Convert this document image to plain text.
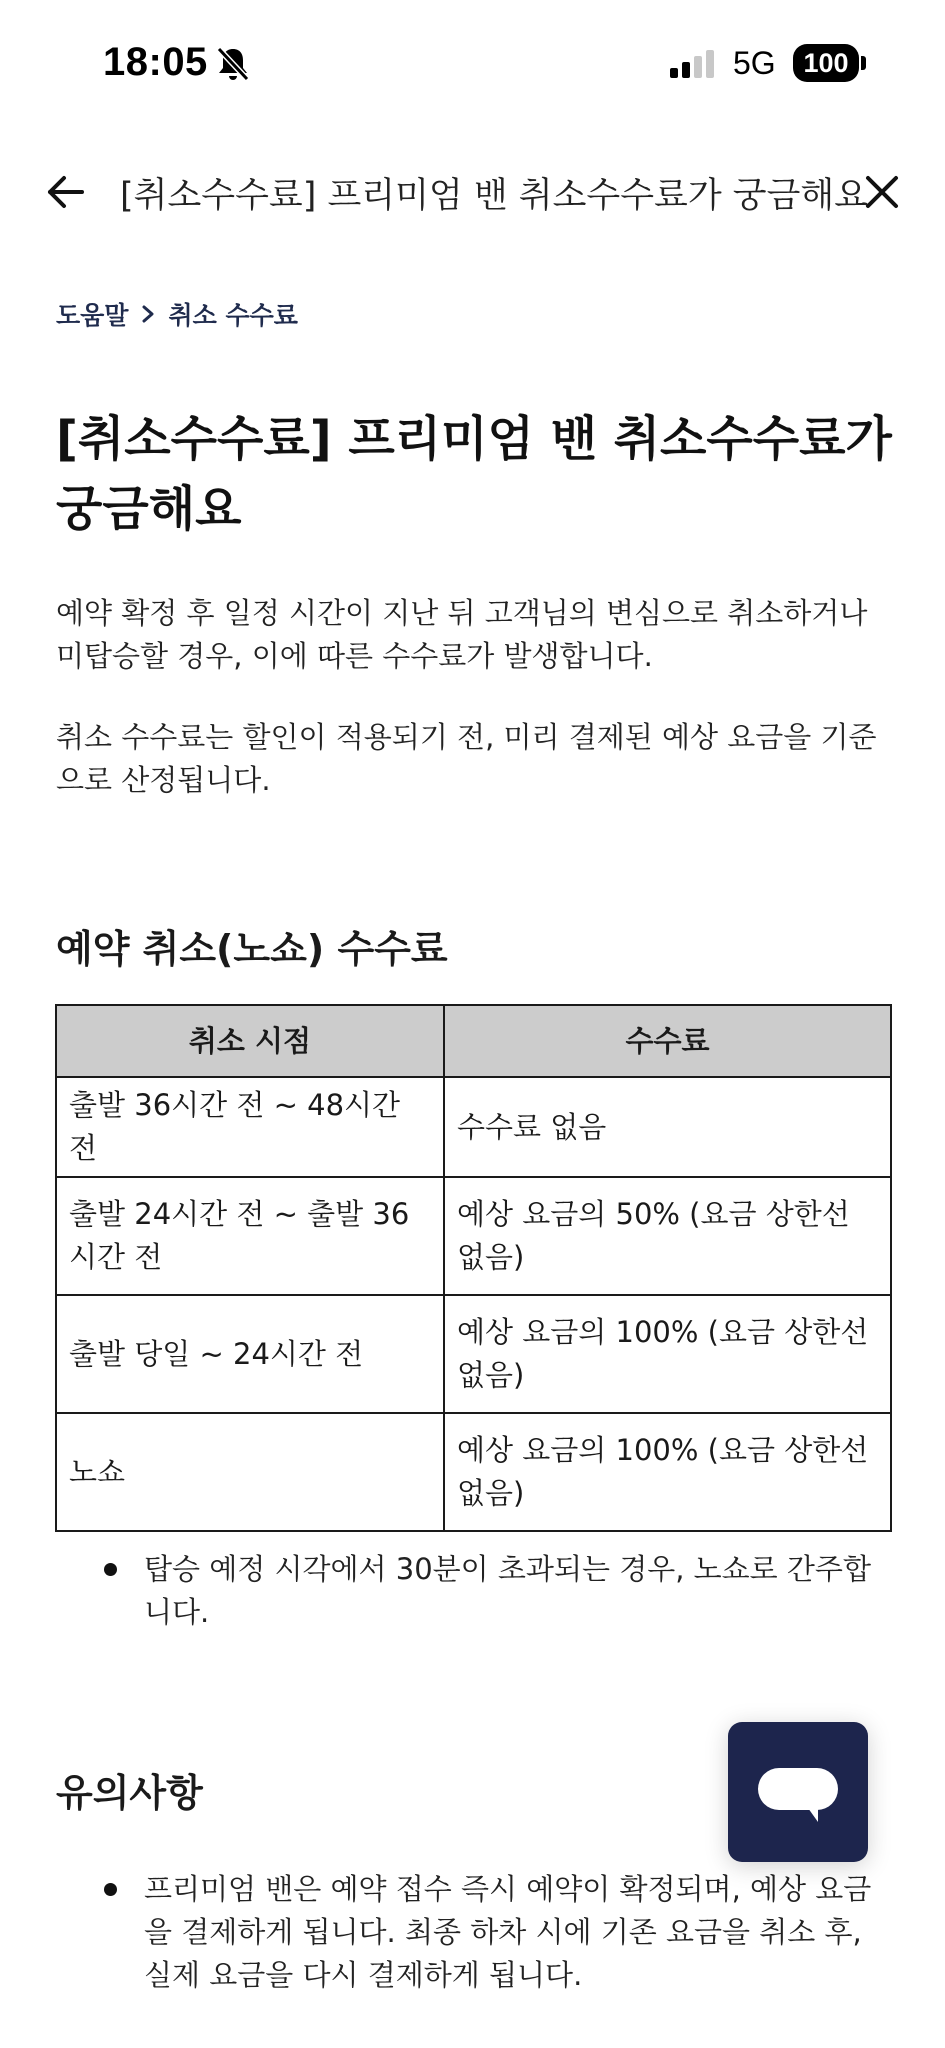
18:05	5G	100
[취소수수료] 프리미엄 밴 취소수수료가 궁금해요
도움말 취소 수수료
[취소수수료] 프리미엄 밴 취소수수료가 궁금해요

예약 확정 후 일정 시간이 지난 뒤 고객님의 변심으로 취소하거나 미탑승할 경우, 이에 따른 수수료가 발생합니다.

취소 수수료는 할인이 적용되기 전, 미리 결제된 예상 요금을 기준으로 산정됩니다.

예약 취소(노쇼) 수수료
취소 시점	수수료
출발 36시간 전 ~ 48시간 전	수수료 없음
출발 24시간 전 ~ 출발 36시간 전	예상 요금의 50% (요금 상한선 없음)
출발 당일 ~ 24시간 전	예상 요금의 100% (요금 상한선 없음)
노쇼	예상 요금의 100% (요금 상한선 없음)
탑승 예정 시각에서 30분이 초과되는 경우, 노쇼로 간주합니다.
유의사항
프리미엄 밴은 예약 접수 즉시 예약이 확정되며, 예상 요금을 결제하게 됩니다. 최종 하차 시에 기존 요금을 취소 후, 실제 요금을 다시 결제하게 됩니다.
